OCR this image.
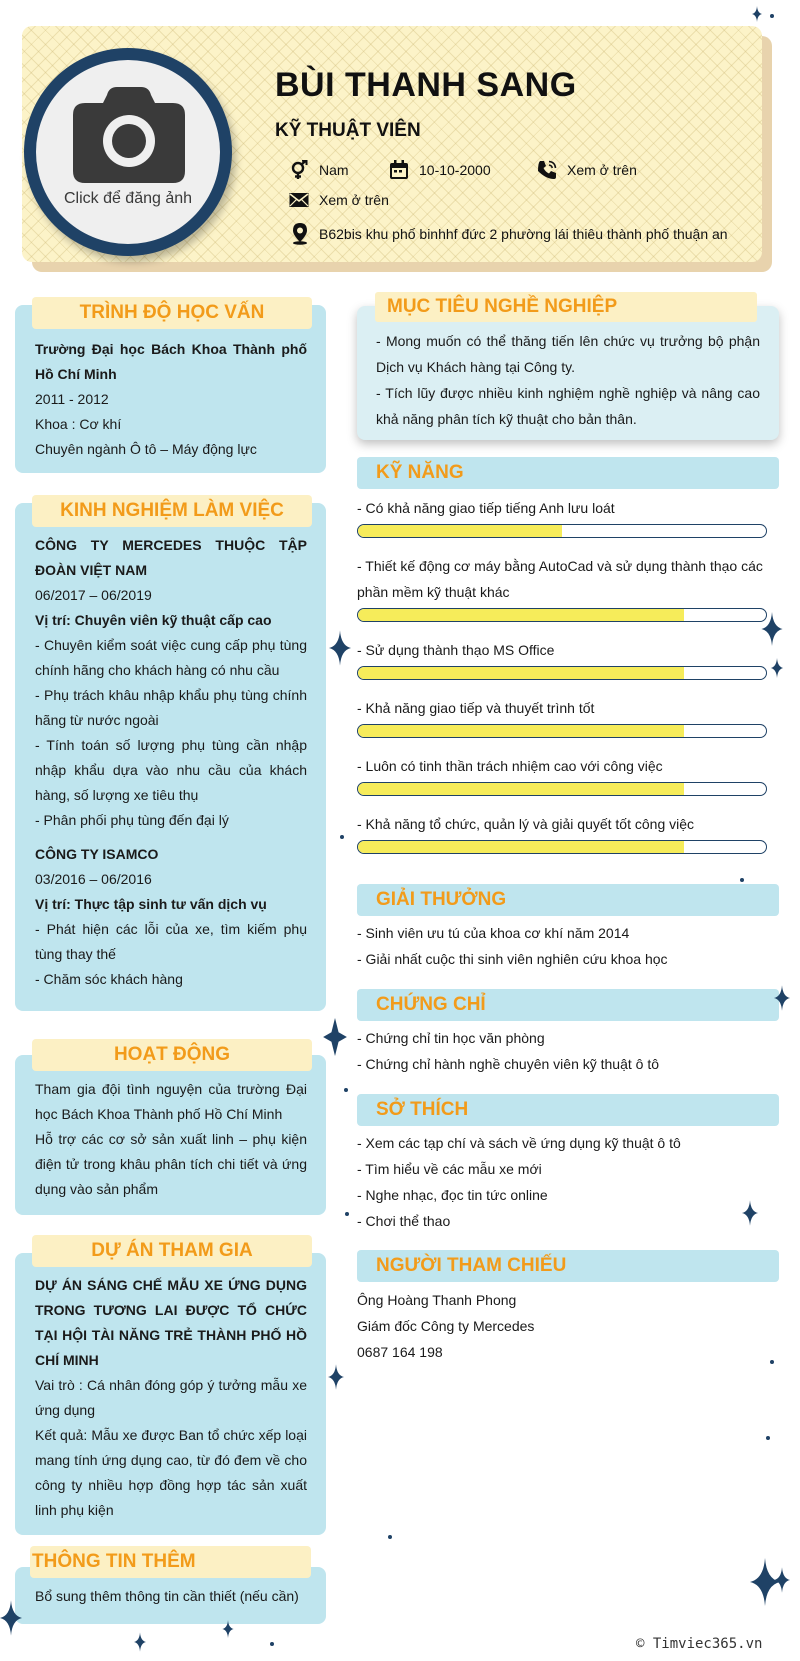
Click để đăng ảnh
BÙI THANH SANG
KỸ THUẬT VIÊN
Nam	10-10-2000	Xem ở trên
Xem ở trên
B62bis khu phố binhhf đức 2 phường lái thiêu thành phố thuận an
TRÌNH ĐỘ HỌC VẤN

Trường Đại học Bách Khoa Thành phố Hồ Chí Minh

2011 - 2012

Khoa : Cơ khí

Chuyên ngành Ô tô – Máy động lực

KINH NGHIỆM LÀM VIỆC

CÔNG TY MERCEDES THUỘC TẬP ĐOÀN VIỆT NAM

06/2017 – 06/2019

Vị trí: Chuyên viên kỹ thuật cấp cao

- Chuyên kiểm soát việc cung cấp phụ tùng chính hãng cho khách hàng có nhu cầu

- Phụ trách khâu nhập khẩu phụ tùng chính hãng từ nước ngoài

- Tính toán số lượng phụ tùng cần nhập nhập khẩu dựa vào nhu cầu của khách hàng, số lượng xe tiêu thụ

- Phân phối phụ tùng đến đại lý

CÔNG TY ISAMCO

03/2016 – 06/2016

Vị trí: Thực tập sinh tư vấn dịch vụ

- Phát hiện các lỗi của xe, tìm kiếm phụ tùng thay thế

- Chăm sóc khách hàng

HOẠT ĐỘNG

Tham gia đội tình nguyện của trường Đại học Bách Khoa Thành phố Hồ Chí Minh

Hỗ trợ các cơ sở sản xuất linh – phụ kiện điện tử trong khâu phân tích chi tiết và ứng dụng vào sản phẩm

DỰ ÁN THAM GIA

DỰ ÁN SÁNG CHẾ MẪU XE ỨNG DỤNG TRONG TƯƠNG LAI ĐƯỢC TỔ CHỨC TẠI HỘI TÀI NĂNG TRẺ THÀNH PHỐ HỒ CHÍ MINH

Vai trò : Cá nhân đóng góp ý tưởng mẫu xe ứng dụng

Kết quả: Mẫu xe được Ban tổ chức xếp loại mang tính ứng dụng cao, từ đó đem về cho công ty nhiều hợp đồng hợp tác sản xuất linh phụ kiện

THÔNG TIN THÊM
Bổ sung thêm thông tin cần thiết (nếu cần)
MỤC TIÊU NGHỀ NGHIỆP

- Mong muốn có thể thăng tiến lên chức vụ trưởng bộ phận Dịch vụ Khách hàng tại Công ty.

- Tích lũy được nhiều kinh nghiệm nghề nghiệp và nâng cao khả năng phân tích kỹ thuật cho bản thân.

KỸ NĂNG
- Có khả năng giao tiếp tiếng Anh lưu loát
- Thiết kế động cơ máy bằng AutoCad và sử dụng thành thạo các phần mềm kỹ thuật khác
- Sử dụng thành thạo MS Office
- Khả năng giao tiếp và thuyết trình tốt
- Luôn có tinh thần trách nhiệm cao với công việc
- Khả năng tổ chức, quản lý và giải quyết tốt công việc
GIẢI THƯỞNG

- Sinh viên ưu tú của khoa cơ khí năm 2014

- Giải nhất cuộc thi sinh viên nghiên cứu khoa học

CHỨNG CHỈ

- Chứng chỉ tin học văn phòng

- Chứng chỉ hành nghề chuyên viên kỹ thuật ô tô

SỞ THÍCH

- Xem các tạp chí và sách về ứng dụng kỹ thuật ô tô

- Tìm hiểu về các mẫu xe mới

- Nghe nhạc, đọc tin tức online

- Chơi thể thao

NGƯỜI THAM CHIẾU

Ông Hoàng Thanh Phong

Giám đốc Công ty Mercedes

0687 164 198

© Timviec365.vn
